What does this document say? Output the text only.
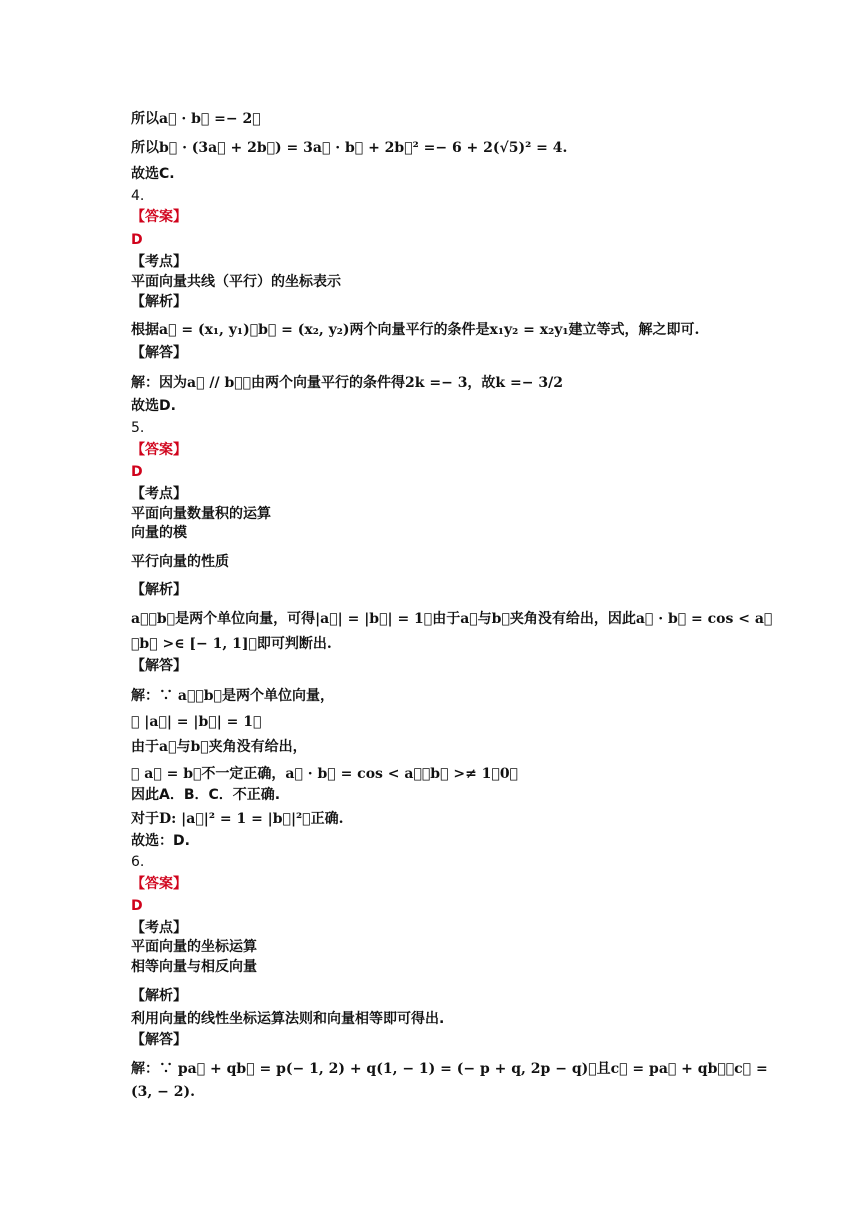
所以a⃗ · b⃗ =− 2，
所以b⃗ · (3a⃗ + 2b⃗) = 3a⃗ · b⃗ + 2b⃗² =− 6 + 2(√5)² = 4.
故选C.
4.
【答案】
D
【考点】
平面向量共线（平行）的坐标表示
【解析】
根据a⃗ = (x₁, y₁)，b⃗ = (x₂, y₂)两个向量平行的条件是x₁y₂ = x₂y₁建立等式，解之即可.
【解答】
解：因为a⃗ // b⃗，由两个向量平行的条件得2k =− 3，故k =− 3/2
故选D.
5.
【答案】
D
【考点】
平面向量数量积的运算
向量的模
平行向量的性质
【解析】
a⃗，b⃗是两个单位向量，可得|a⃗| = |b⃗| = 1，由于a⃗与b⃗夹角没有给出，因此a⃗ · b⃗ = cos < a⃗
，b⃗ >∈ [− 1, 1]，即可判断出.
【解答】
解：∵ a⃗，b⃗是两个单位向量，
∴ |a⃗| = |b⃗| = 1，
由于a⃗与b⃗夹角没有给出，
∴ a⃗ = b⃗不一定正确，a⃗ · b⃗ = cos < a⃗，b⃗ >≠ 1，0，
因此A．B．C．不正确.
对于D: |a⃗|² = 1 = |b⃗|²，正确.
故选：D.
6.
【答案】
D
【考点】
平面向量的坐标运算
相等向量与相反向量
【解析】
利用向量的线性坐标运算法则和向量相等即可得出.
【解答】
解：∵ pa⃗ + qb⃗ = p(− 1, 2) + q(1, − 1) = (− p + q, 2p − q)，且c⃗ = pa⃗ + qb⃗，c⃗ =
(3, − 2).
